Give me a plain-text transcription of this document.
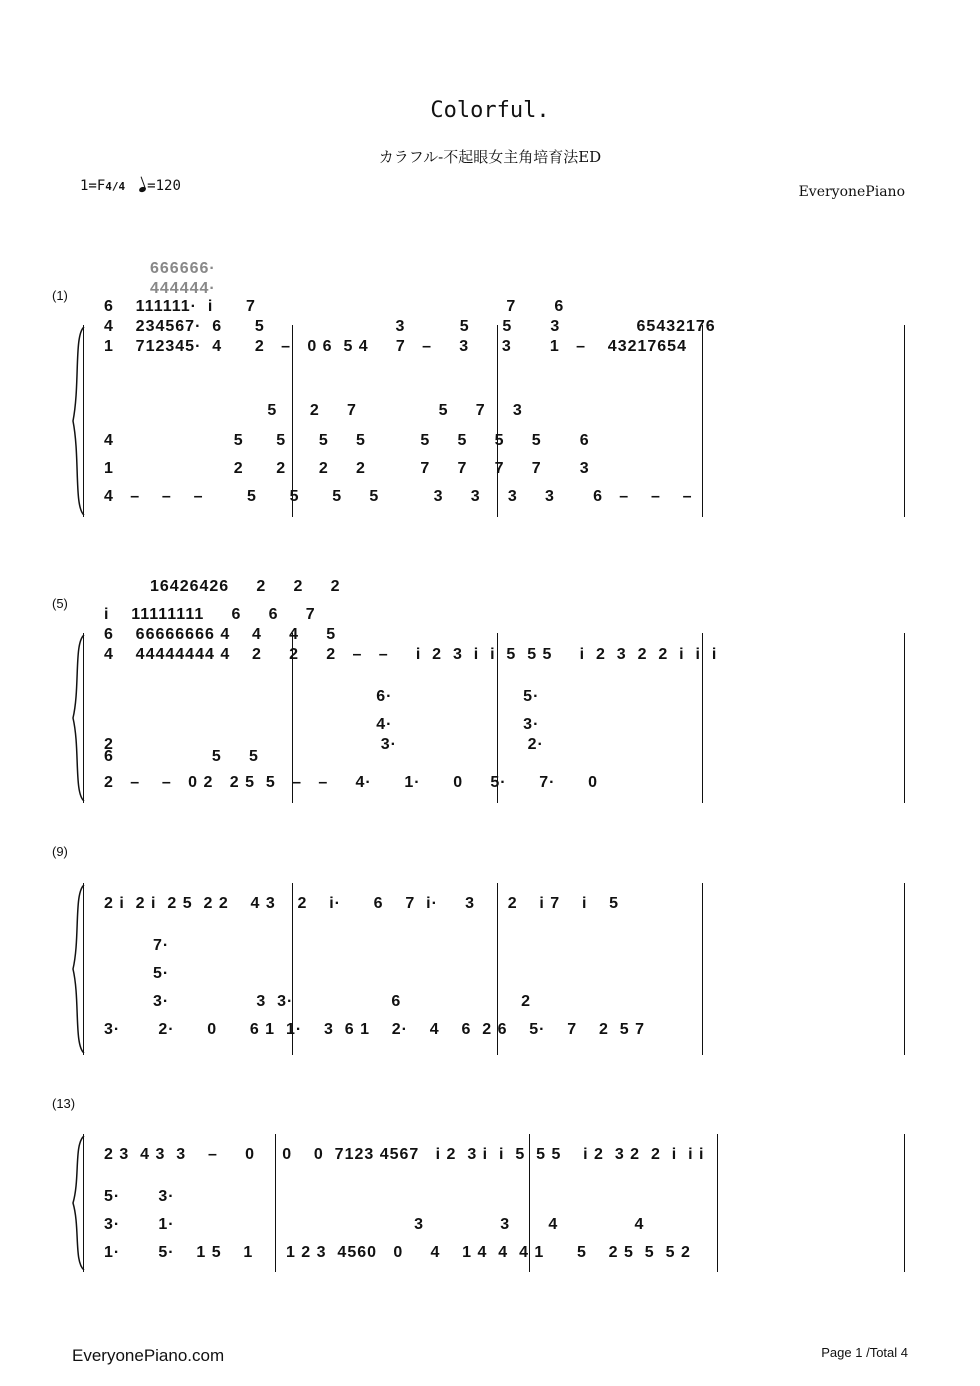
Colorful.
カラフル-不起眼女主角培育法ED
1=F4/4 =120	EveryonePiano
(1)
666666·
444444·
6    111111·  i      7                                              7       6
4    234567·  6      5                        3          5      5       3              65432176
1    712345·  4      2   –   0 6  5 4     7   –     3      3       1   –    43217654
5      2     7               5     7     3
4                      5      5      5     5          5     5     5     5       6
1                      2      2      2     2          7     7     7     7       3
4   –    –    –        5      5      5     5          3     3     3     3       6   –    –    –
(5)
16426426     2     2     2
i    11111111     6     6     7
6    66666666 4    4     4     5
4    44444444 4    2     2     2   –   –     i  2  3  i  i  5  5 5     i  2  3  2  2  i  i  i
6·                        5·
4·                        3·
2                                                 3·                        2·
6                  5     5
2   –    –   0 2   2 5  5   –   –     4·      1·      0     5·      7·      0
(9)
2 i  2 i  2 5  2 2    4 3    2    i·      6    7  i·     3      2    i 7    i    5
7·
5·
3·                3  3·                  6                      2
3·       2·      0      6 1  1·    3  6 1    2·    4    6  2 6    5·    7    2  5 7
(13)
2 3  4 3  3    –     0     0    0  7123 4567   i 2  3 i  i  5  5 5    i 2  3 2  2  i  i i
5·       3·
3·       1·                                            3              3       4              4
1·       5·    1 5    1      1 2 3  4560   0     4    1 4  4  4 1      5    2 5  5  5 2
EveryonePiano.com	Page 1 /Total 4
